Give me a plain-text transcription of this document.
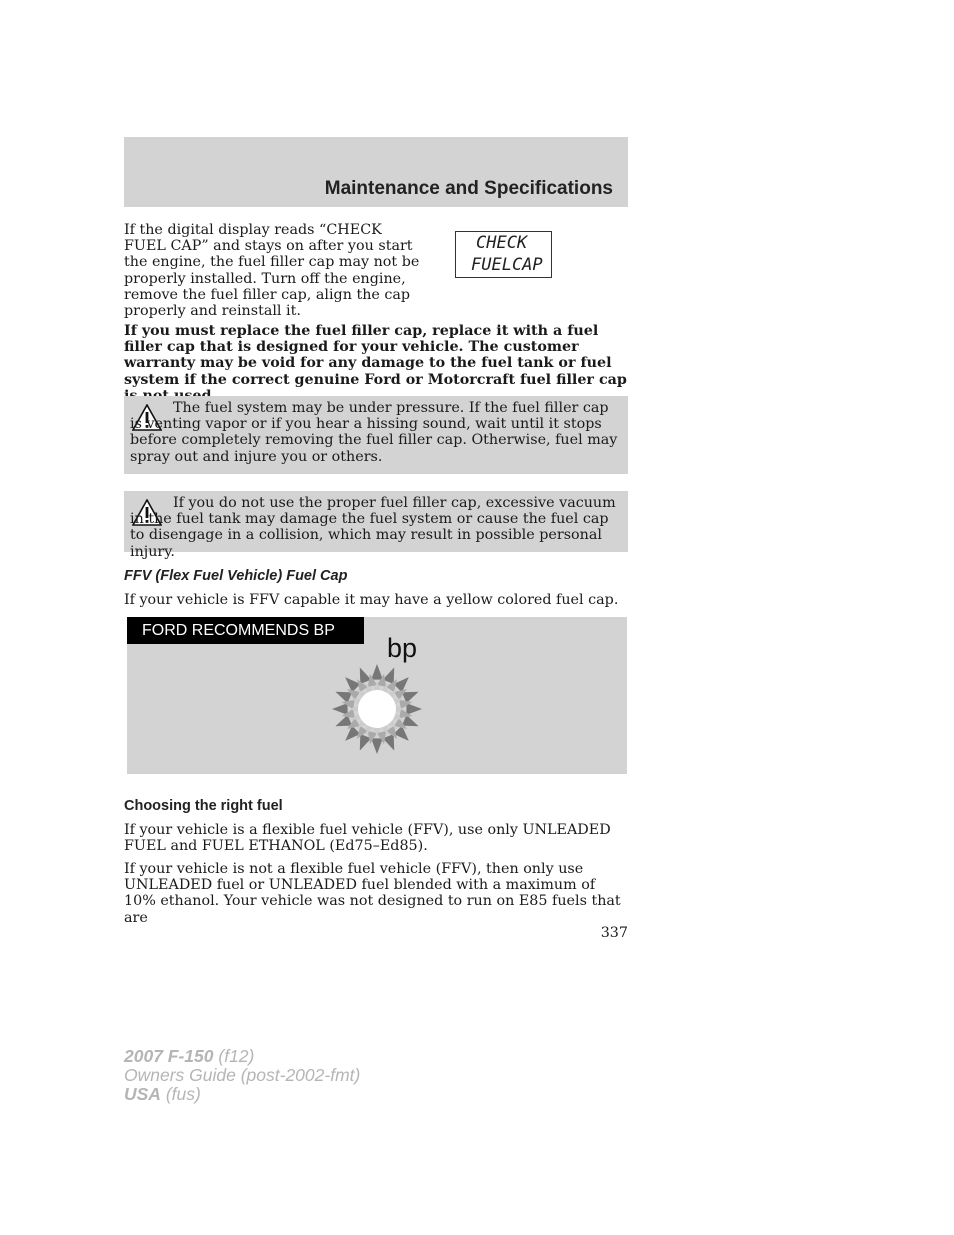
Maintenance and Specifications
If the digital display reads “CHECK FUEL CAP” and stays on after you start the engine, the fuel filler cap may not be properly installed. Turn off the engine, remove the fuel filler cap, align the cap properly and reinstall it.
CHECK
FUELCAP
If you must replace the fuel filler cap, replace it with a fuel filler cap that is designed for your vehicle. The customer warranty may be void for any damage to the fuel tank or fuel system if the correct genuine Ford or Motorcraft fuel filler cap
The fuel system may be under pressure. If the fuel filler cap is venting vapor or if you hear a hissing sound, wait until it stops before completely removing the fuel filler cap. Otherwise, fuel may spray out and injure you or others.
If you do not use the proper fuel filler cap, excessive vacuum in the fuel tank may damage the fuel system or cause the fuel cap to disengage in a collision, which may result in possible personal injury.
FFV (Flex Fuel Vehicle) Fuel Cap
If your vehicle is FFV capable it may have a yellow colored fuel cap.
FORD RECOMMENDS BP
bp
Choosing the right fuel
If your vehicle is a flexible fuel vehicle (FFV), use only UNLEADED FUEL and FUEL ETHANOL (Ed75–Ed85).
If your vehicle is not a flexible fuel vehicle (FFV), then only use UNLEADED fuel or UNLEADED fuel blended with a maximum of 10% ethanol. Your vehicle was not designed to run on E85 fuels that are
337
2007 F-150 (f12)
Owners Guide (post-2002-fmt)
USA (fus)
